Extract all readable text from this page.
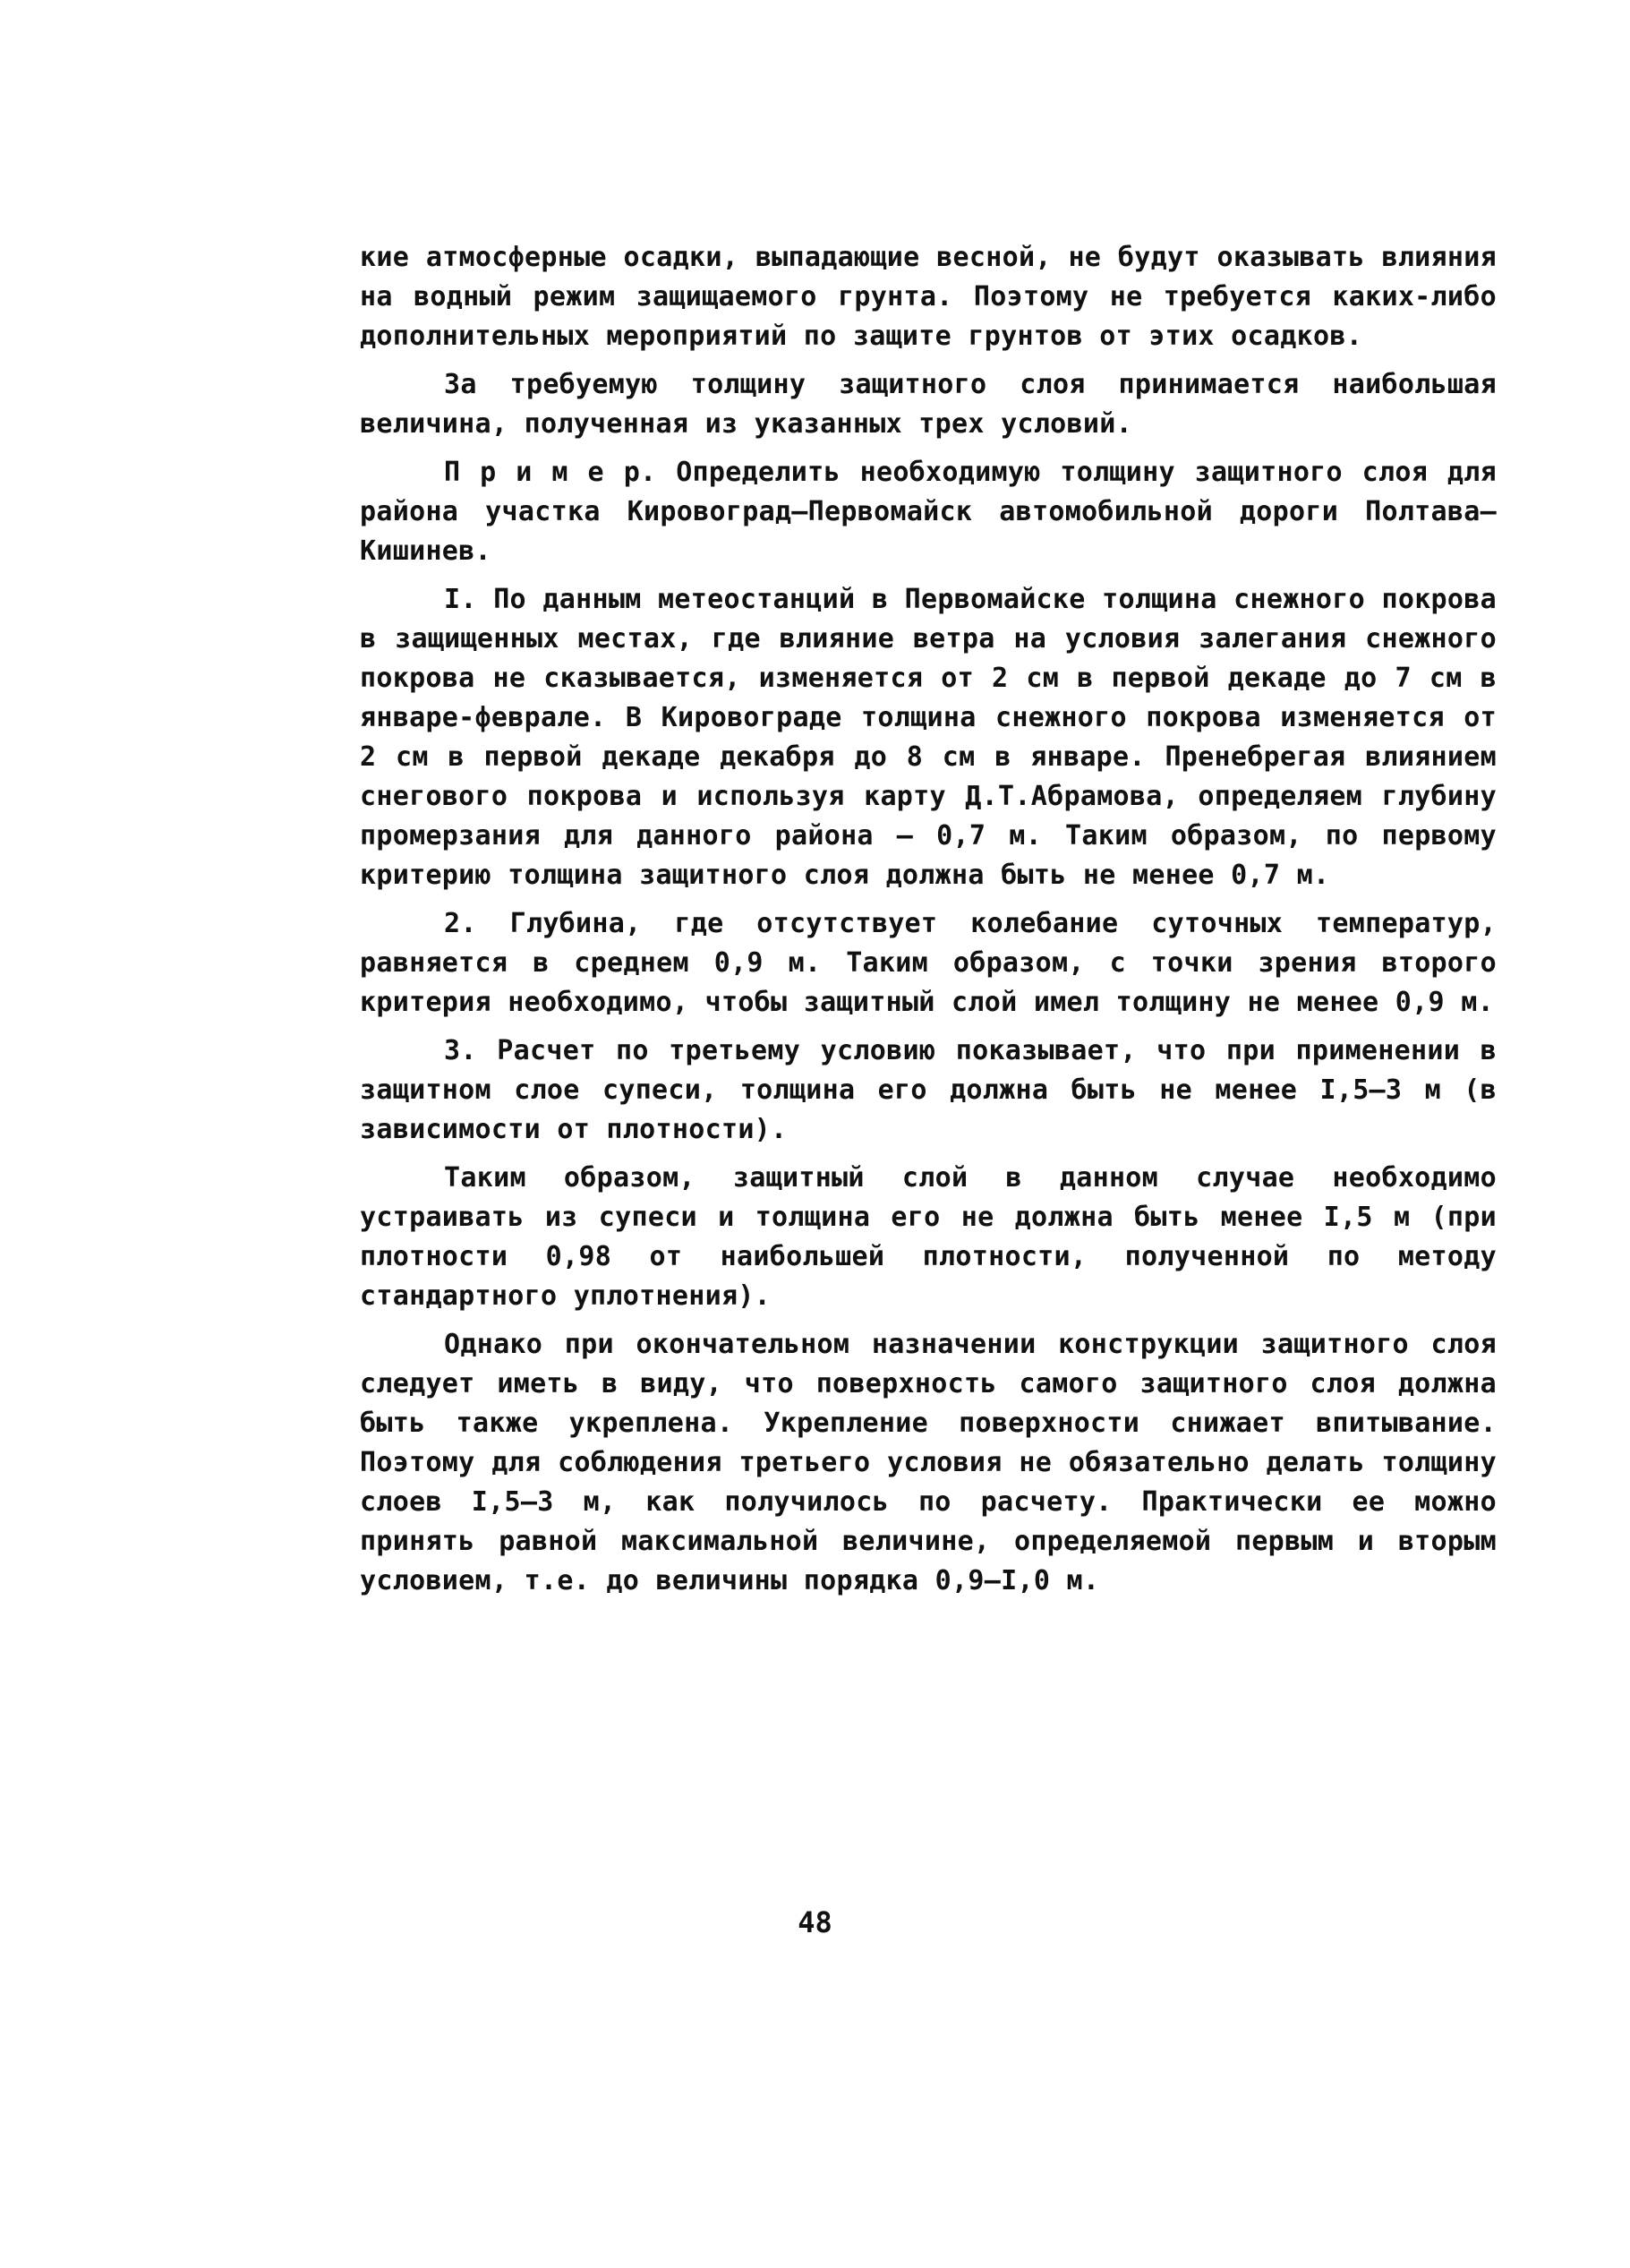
кие атмосферные осадки, выпадающие весной, не будут оказывать влияния на водный режим защищаемого грунта. Поэтому не требуется каких-либо дополнительных мероприятий по защите грунтов от этих осадков.

За требуемую толщину защитного слоя принимается наибольшая величина, полученная из указанных трех условий.

П р и м е р. Определить необходимую толщину защитного слоя для района участка Кировоград–Первомайск автомобильной дороги Полтава–Кишинев.

I. По данным метеостанций в Первомайске толщина снежного покрова в защищенных местах, где влияние ветра на условия залегания снежного покрова не сказывается, изменяется от 2 см в первой декаде до 7 см в январе-феврале. В Кировограде толщина снежного покрова изменяется от 2 см в первой декаде декабря до 8 см в январе. Пренебрегая влиянием снегового покрова и используя карту Д.Т.Абрамова, определяем глубину промерзания для данного района – 0,7 м. Таким образом, по первому критерию толщина защитного слоя должна быть не менее 0,7 м.

2. Глубина, где отсутствует колебание суточных температур, равняется в среднем 0,9 м. Таким образом, с точки зрения второго критерия необходимо, чтобы защитный слой имел толщину не менее 0,9 м.

3. Расчет по третьему условию показывает, что при применении в защитном слое супеси, толщина его должна быть не менее I,5–3 м (в зависимости от плотности).

Таким образом, защитный слой в данном случае необходимо устраивать из супеси и толщина его не должна быть менее I,5 м (при плотности 0,98 от наибольшей плотности, полученной по методу стандартного уплотнения).

Однако при окончательном назначении конструкции защитного слоя следует иметь в виду, что поверхность самого защитного слоя должна быть также укреплена. Укрепление поверхности снижает впитывание. Поэтому для соблюдения третьего условия не обязательно делать толщину слоев I,5–3 м, как получилось по расчету. Практически ее можно принять равной максимальной величине, определяемой первым и вторым условием, т.е. до величины порядка 0,9–I,0 м.

48
